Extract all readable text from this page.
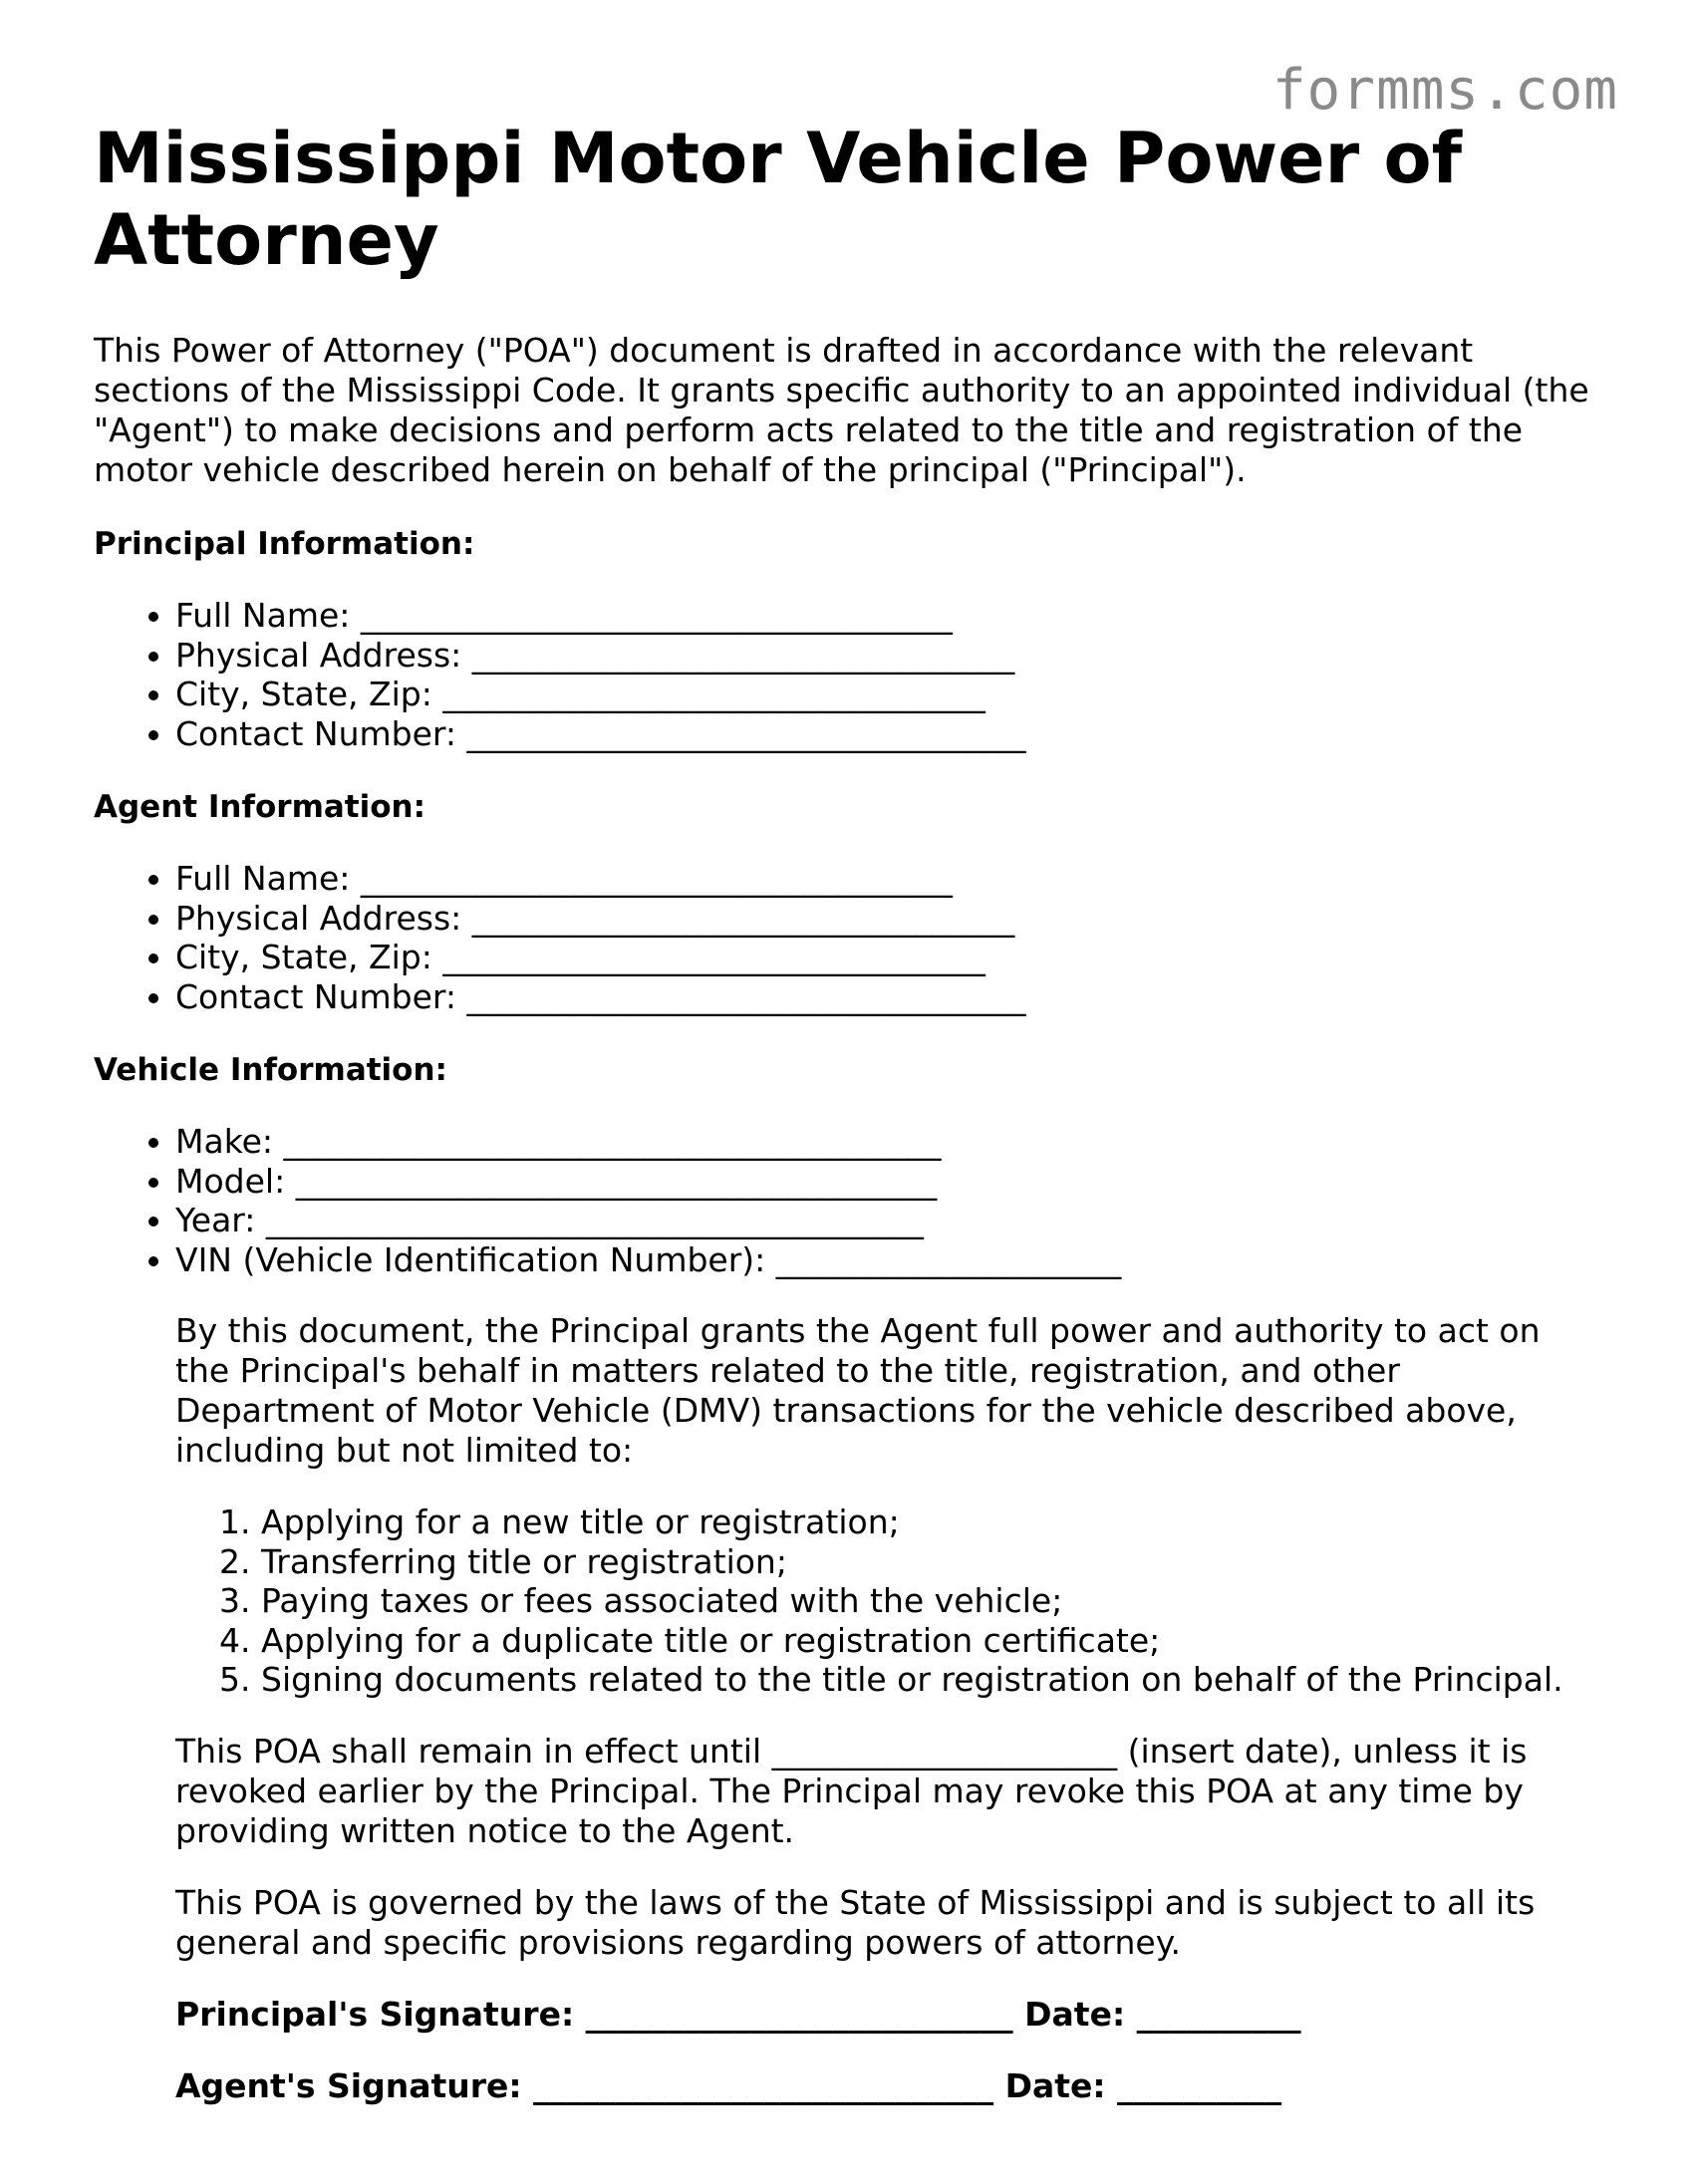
formms.com
Mississippi Motor Vehicle Power of Attorney

This Power of Attorney ("POA") document is drafted in accordance with the relevant sections of the Mississippi Code. It grants specific authority to an appointed individual (the "Agent") to make decisions and perform acts related to the title and registration of the motor vehicle described herein on behalf of the principal ("Principal").

Principal Information:
• Full Name: ____________________________________
• Physical Address: _________________________________
• City, State, Zip: _________________________________
• Contact Number: __________________________________
Agent Information:
• Full Name: ____________________________________
• Physical Address: _________________________________
• City, State, Zip: _________________________________
• Contact Number: __________________________________
Vehicle Information:
• Make: ________________________________________
• Model: _______________________________________
• Year: ________________________________________
• VIN (Vehicle Identification Number): _____________________

By this document, the Principal grants the Agent full power and authority to act on the Principal's behalf in matters related to the title, registration, and other Department of Motor Vehicle (DMV) transactions for the vehicle described above, including but not limited to:

1. Applying for a new title or registration;
2. Transferring title or registration;
3. Paying taxes or fees associated with the vehicle;
4. Applying for a duplicate title or registration certificate;
5. Signing documents related to the title or registration on behalf of the Principal.

This POA shall remain in effect until _____________________ (insert date), unless it is revoked earlier by the Principal. The Principal may revoke this POA at any time by providing written notice to the Agent.

This POA is governed by the laws of the State of Mississippi and is subject to all its general and specific provisions regarding powers of attorney.

Principal's Signature: __________________________ Date: __________
Agent's Signature: ____________________________ Date: __________
